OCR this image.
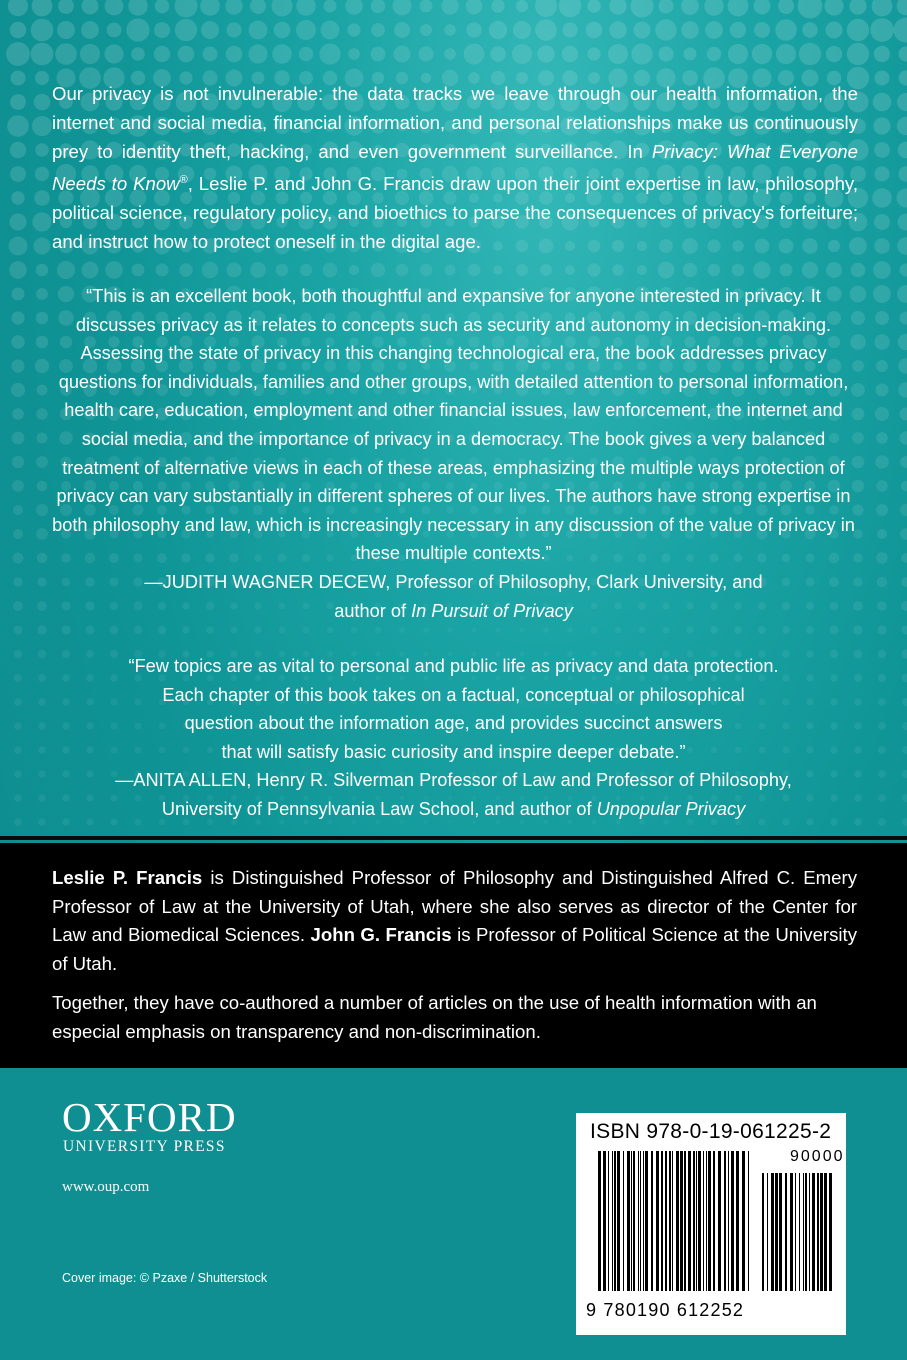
Our privacy is not invulnerable: the data tracks we leave through our health information, the internet and social media, financial information, and personal relationships make us continuously prey to identity theft, hacking, and even government surveillance. In Privacy: What Everyone Needs to Know®, Leslie P. and John G. Francis draw upon their joint expertise in law, philosophy, political science, regulatory policy, and bioethics to parse the consequences of privacy's forfeiture; and instruct how to protect oneself in the digital age.

“This is an excellent book, both thoughtful and expansive for anyone interested in privacy. It discusses privacy as it relates to concepts such as security and autonomy in decision-making. Assessing the state of privacy in this changing technological era, the book addresses privacy questions for individuals, families and other groups, with detailed attention to personal information, health care, education, employment and other financial issues, law enforcement, the internet and social media, and the importance of privacy in a democracy. The book gives a very balanced treatment of alternative views in each of these areas, emphasizing the multiple ways protection of privacy can vary substantially in different spheres of our lives. The authors have strong expertise in both philosophy and law, which is increasingly necessary in any discussion of the value of privacy in these multiple contexts.”
—JUDITH WAGNER DECEW, Professor of Philosophy, Clark University, and
author of In Pursuit of Privacy
“Few topics are as vital to personal and public life as privacy and data protection.
Each chapter of this book takes on a factual, conceptual or philosophical
question about the information age, and provides succinct answers
that will satisfy basic curiosity and inspire deeper debate.”
—ANITA ALLEN, Henry R. Silverman Professor of Law and Professor of Philosophy,
University of Pennsylvania Law School, and author of Unpopular Privacy

Leslie P. Francis is Distinguished Professor of Philosophy and Distinguished Alfred C. Emery Professor of Law at the University of Utah, where she also serves as director of the Center for Law and Biomedical Sciences. John G. Francis is Professor of Political Science at the University of Utah.

Together, they have co-authored a number of articles on the use of health information with an especial emphasis on transparency and non-discrimination.

OXFORD
UNIVERSITY PRESS
www.oup.com
Cover image: © Pzaxe / Shutterstock
ISBN 978-0-19-061225-2
90000
9 780190 612252
